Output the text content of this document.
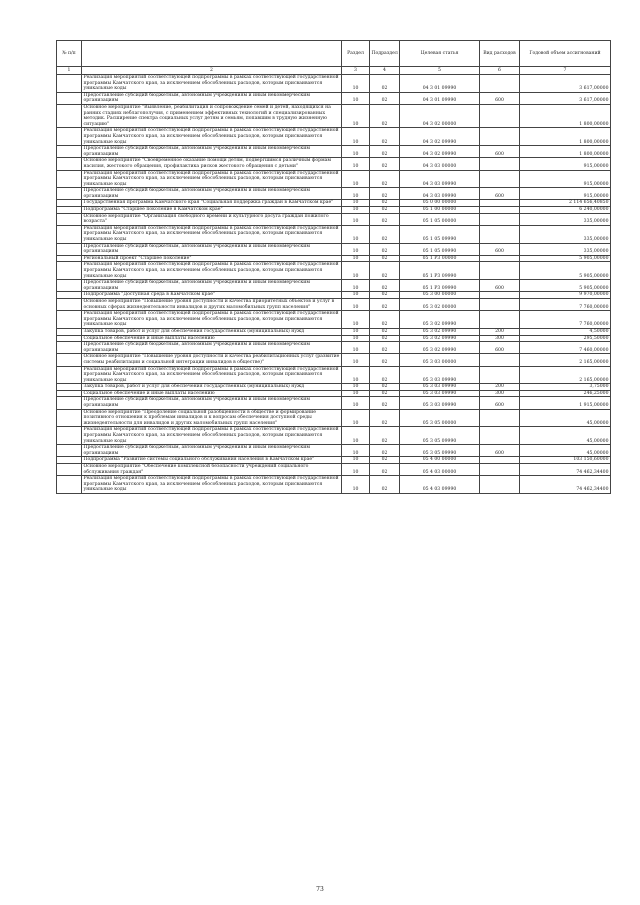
№ п/п		Раздел	Подраздел	Целевая статья	Вид расходов	Годовой объем ассигнований
1	2	3	4	5	6	7
	Реализация мероприятий соответствующей подпрограммы в рамках соответствующей государственной программы Камчатского края, за исключением обособленных расходов, которым присваиваются уникальные коды	10	02	04 3 01 09990		3 617,00000
	Предоставление субсидий бюджетным, автономным учреждениям и иным некоммерческим организациям	10	02	04 3 01 09990	600	3 617,00000
	Основное мероприятие "Выявление, реабилитация и сопровождение семей и детей, находящихся на ранних стадиях неблагополучия, с применением эффективных технологий и специализированных методик. Расширение спектра социальных услуг детям и семьям, попавшим в трудную жизненную ситуацию"	10	02	04 3 02 00000		1 800,00000
	Реализация мероприятий соответствующей подпрограммы в рамках соответствующей государственной программы Камчатского края, за исключением обособленных расходов, которым присваиваются уникальные коды	10	02	04 3 02 09990		1 800,00000
	Предоставление субсидий бюджетным, автономным учреждениям и иным некоммерческим организациям	10	02	04 3 02 09990	600	1 800,00000
	Основное мероприятие "Своевременное оказание помощи детям, подвергшимся различным формам насилия, жестокого обращения, профилактика рисков жестокого обращения с детьми"	10	02	04 3 03 00000		915,00000
	Реализация мероприятий соответствующей подпрограммы в рамках соответствующей государственной программы Камчатского края, за исключением обособленных расходов, которым присваиваются уникальные коды	10	02	04 3 03 09990		915,00000
	Предоставление субсидий бюджетным, автономным учреждениям и иным некоммерческим организациям	10	02	04 3 03 09990	600	915,00000
	Государственная программа Камчатского края "Социальная поддержка граждан в Камчатском крае"	10	02	05 0 00 00000		2 114 656,40850
	Подпрограмма "Старшее поколение в Камчатском крае"	10	02	05 1 00 00000		6 240,00000
	Основное мероприятие "Организация свободного времени и культурного досуга граждан пожилого возраста"	10	02	05 1 05 00000		335,00000
	Реализация мероприятий соответствующей подпрограммы в рамках соответствующей государственной программы Камчатского края, за исключением обособленных расходов, которым присваиваются уникальные коды	10	02	05 1 05 09990		335,00000
	Предоставление субсидий бюджетным, автономным учреждениям и иным некоммерческим организациям	10	02	05 1 05 09990	600	335,00000
	Региональный проект "Старшее поколение"	10	02	05 1 P3 00000		5 905,00000
	Реализация мероприятий соответствующей подпрограммы в рамках соответствующей государственной программы Камчатского края, за исключением обособленных расходов, которым присваиваются уникальные коды	10	02	05 1 P3 09990		5 905,00000
	Предоставление субсидий бюджетным, автономным учреждениям и иным некоммерческим организациям	10	02	05 1 P3 09990	600	5 905,00000
	Подпрограмма "Доступная среда в Камчатском крае"	10	02	05 3 00 00000		9 970,00000
	Основное мероприятие "Повышение уровня доступности и качества приоритетных объектов и услуг в основных сферах жизнедеятельности инвалидов и других маломобильных групп населения"	10	02	05 3 02 00000		7 760,00000
	Реализация мероприятий соответствующей подпрограммы в рамках соответствующей государственной программы Камчатского края, за исключением обособленных расходов, которым присваиваются уникальные коды	10	02	05 3 02 09990		7 760,00000
	Закупка товаров, работ и услуг для обеспечения государственных (муниципальных) нужд	10	02	05 3 02 09990	200	4,50000
	Социальное обеспечение и иные выплаты населению	10	02	05 3 02 09990	300	295,50000
	Предоставление субсидий бюджетным, автономным учреждениям и иным некоммерческим организациям	10	02	05 3 02 09990	600	7 460,00000
	Основное мероприятие "Повышение уровня доступности и качества реабилитационных услуг (развитие системы реабилитации и социальной интеграции инвалидов в обществе)"	10	02	05 3 03 00000		2 165,00000
	Реализация мероприятий соответствующей подпрограммы в рамках соответствующей государственной программы Камчатского края, за исключением обособленных расходов, которым присваиваются уникальные коды	10	02	05 3 03 09990		2 165,00000
	Закупка товаров, работ и услуг для обеспечения государственных (муниципальных) нужд	10	02	05 3 03 09990	200	3,75000
	Социальное обеспечение и иные выплаты населению	10	02	05 3 03 09990	300	246,25000
	Предоставление субсидий бюджетным, автономным учреждениям и иным некоммерческим организациям	10	02	05 3 03 09990	600	1 915,00000
	Основное мероприятие "Преодоление социальной разобщенности в обществе и формирование позитивного отношения к проблемам инвалидов и к вопросам обеспечения доступной среды жизнедеятельности для инвалидов и других маломобильных групп населения"	10	02	05 3 05 00000		45,00000
	Реализация мероприятий соответствующей подпрограммы в рамках соответствующей государственной программы Камчатского края, за исключением обособленных расходов, которым присваиваются уникальные коды	10	02	05 3 05 09990		45,00000
	Предоставление субсидий бюджетным, автономным учреждениям и иным некоммерческим организациям	10	02	05 3 05 09990	600	45,00000
	Подпрограмма "Развитие системы социального обслуживания населения в Камчатском крае"	10	02	05 4 00 00000		103 150,60000
	Основное мероприятие "Обеспечение комплексной безопасности учреждений социального обслуживания граждан"	10	02	05 4 03 00000		74 462,34400
	Реализация мероприятий соответствующей подпрограммы в рамках соответствующей государственной программы Камчатского края, за исключением обособленных расходов, которым присваиваются уникальные коды	10	02	05 4 03 09990		74 462,34400
73
